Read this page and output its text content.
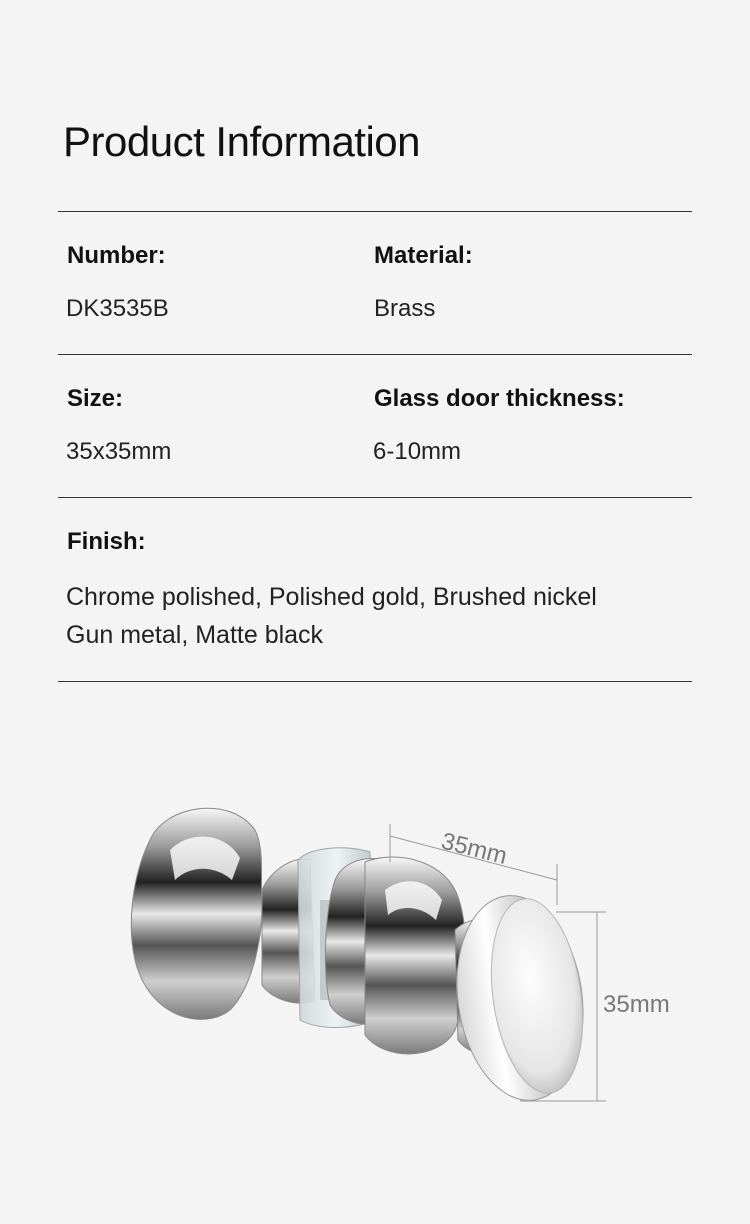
Product Information
Number:
DK3535B
Material:
Brass
Size:
35x35mm
Glass door thickness:
6-10mm
Finish:
Chrome polished, Polished gold, Brushed nickel
Gun metal, Matte black
35mm
35mm
